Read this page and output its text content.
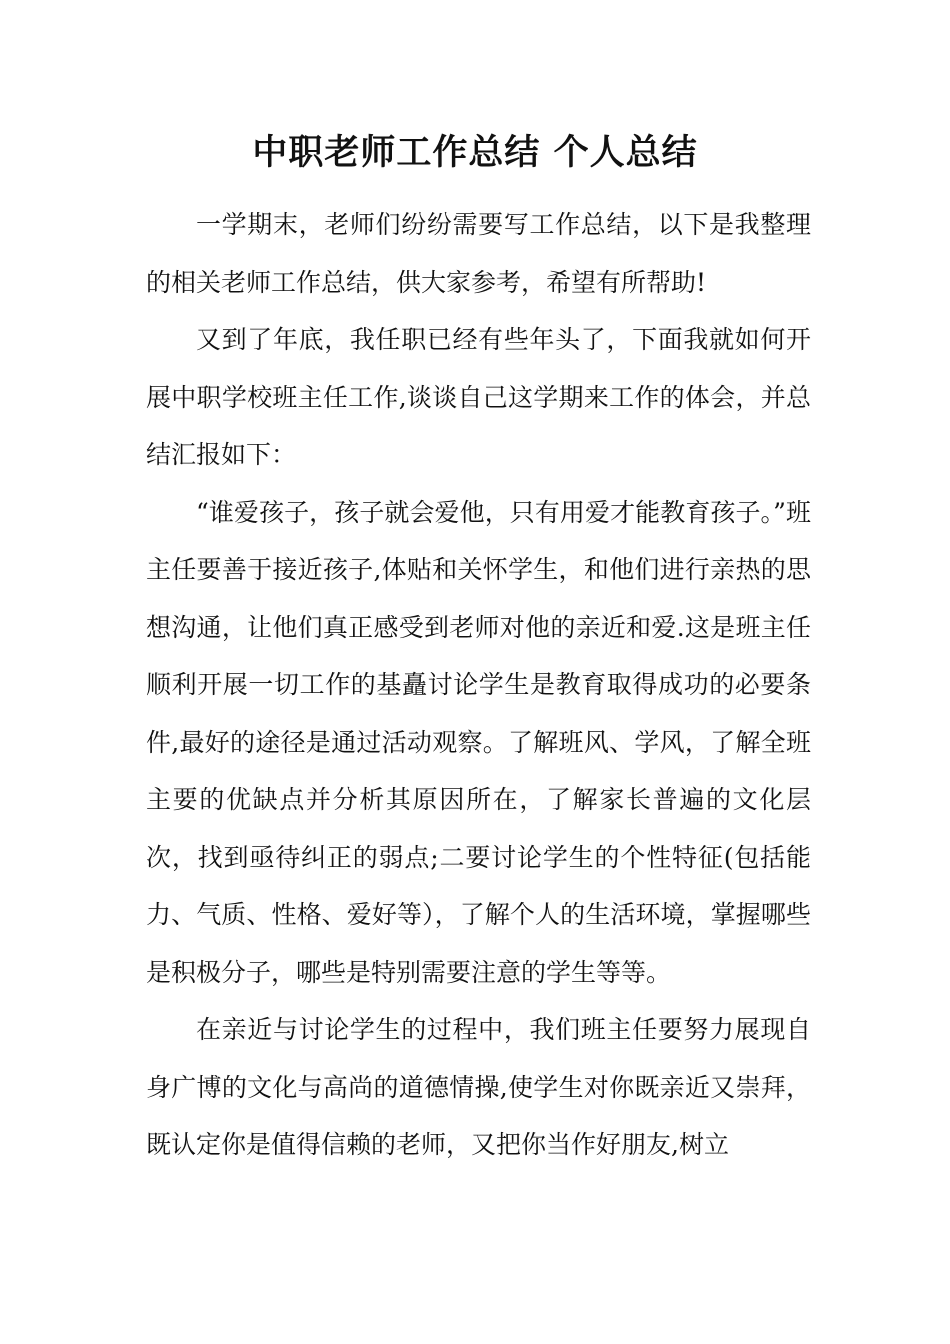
中职老师工作总结 个人总结

一学期末，老师们纷纷需要写工作总结，以下是我整理的相关老师工作总结，供大家参考，希望有所帮助!

又到了年底，我任职已经有些年头了，下面我就如何开展中职学校班主任工作,谈谈自己这学期来工作的体会，并总结汇报如下：

“谁爱孩子，孩子就会爱他，只有用爱才能教育孩子。”班主任要善于接近孩子,体贴和关怀学生，和他们进行亲热的思想沟通，让他们真正感受到老师对他的亲近和爱.这是班主任顺利开展一切工作的基矗讨论学生是教育取得成功的必要条件,最好的途径是通过活动观察。了解班风、学风，了解全班主要的优缺点并分析其原因所在，了解家长普遍的文化层次，找到亟待纠正的弱点;二要讨论学生的个性特征(包括能力、气质、性格、爱好等），了解个人的生活环境，掌握哪些是积极分子，哪些是特别需要注意的学生等等。

在亲近与讨论学生的过程中，我们班主任要努力展现自身广博的文化与高尚的道德情操,使学生对你既亲近又崇拜，既认定你是值得信赖的老师，又把你当作好朋友,树立
